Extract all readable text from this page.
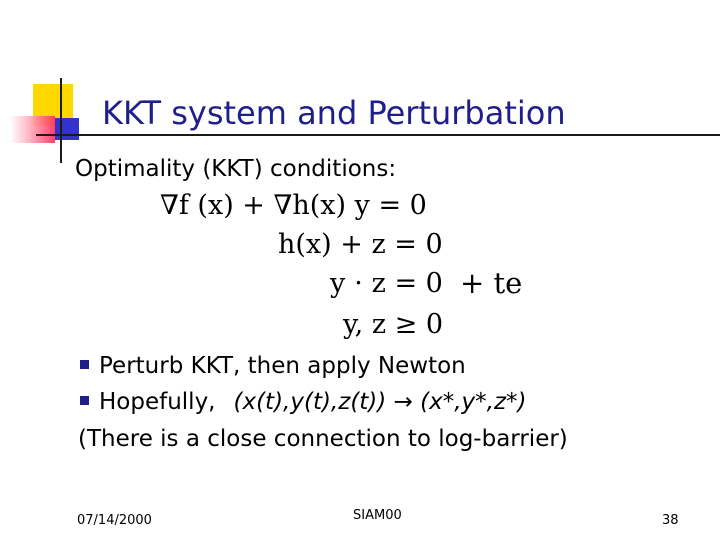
KKT system and Perturbation
Optimality (KKT) conditions:
∇f (x) + ∇h(x) y = 0
h(x) + z = 0
y ⋅ z = 0 + te
y, z ≥ 0
Perturb KKT, then apply Newton
Hopefully, (x(t),y(t),z(t)) → (x*,y*,z*)
(There is a close connection to log-barrier)
07/14/2000	SIAM00	38
